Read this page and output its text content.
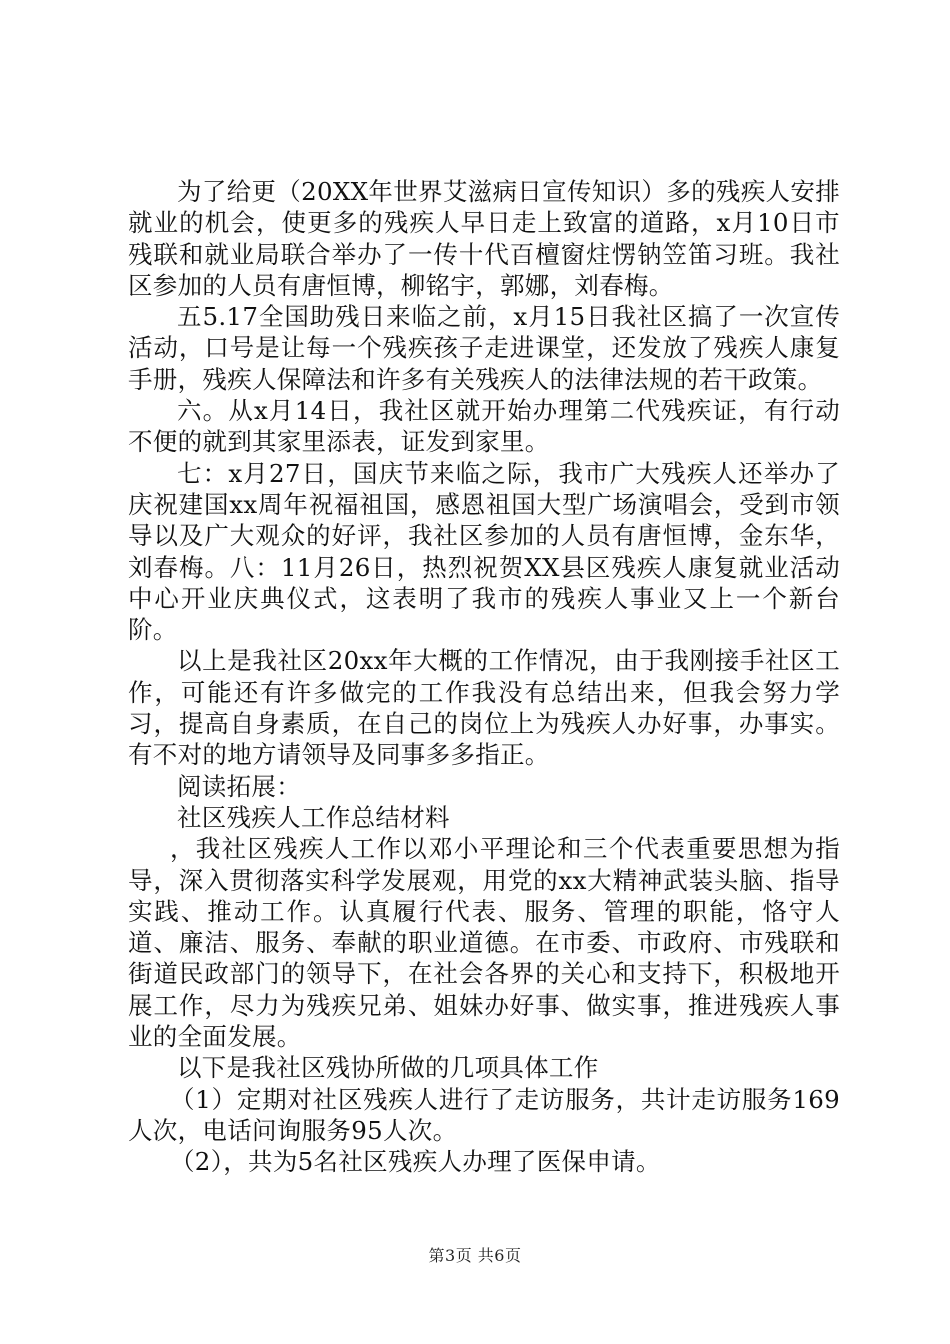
为了给更（20XX年世界艾滋病日宣传知识）多的残疾人安排就业的机会，使更多的残疾人早日走上致富的道路，x月10日市残联和就业局联合举办了一传十代百檀窗炷愣钠笠笛习班。我社区参加的人员有唐恒博，柳铭宇，郭娜，刘春梅。

五5.17全国助残日来临之前，x月15日我社区搞了一次宣传活动，口号是让每一个残疾孩子走进课堂，还发放了残疾人康复手册，残疾人保障法和许多有关残疾人的法律法规的若干政策。

六。从x月14日，我社区就开始办理第二代残疾证，有行动不便的就到其家里添表，证发到家里。

七：x月27日，国庆节来临之际，我市广大残疾人还举办了庆祝建国xx周年祝福祖国，感恩祖国大型广场演唱会，受到市领导以及广大观众的好评，我社区参加的人员有唐恒博，金东华，刘春梅。八：11月26日，热烈祝贺XX县区残疾人康复就业活动中心开业庆典仪式，这表明了我市的残疾人事业又上一个新台阶。

以上是我社区20xx年大概的工作情况，由于我刚接手社区工作，可能还有许多做完的工作我没有总结出来，但我会努力学习，提高自身素质，在自己的岗位上为残疾人办好事，办事实。有不对的地方请领导及同事多多指正。

阅读拓展：

社区残疾人工作总结材料

，我社区残疾人工作以邓小平理论和三个代表重要思想为指导，深入贯彻落实科学发展观，用党的xx大精神武装头脑、指导实践、推动工作。认真履行代表、服务、管理的职能，恪守人道、廉洁、服务、奉献的职业道德。在市委、市政府、市残联和街道民政部门的领导下，在社会各界的关心和支持下，积极地开展工作，尽力为残疾兄弟、姐妹办好事、做实事，推进残疾人事业的全面发展。

以下是我社区残协所做的几项具体工作

（1）定期对社区残疾人进行了走访服务，共计走访服务169人次，电话问询服务95人次。

（2），共为5名社区残疾人办理了医保申请。

第3页 共6页
